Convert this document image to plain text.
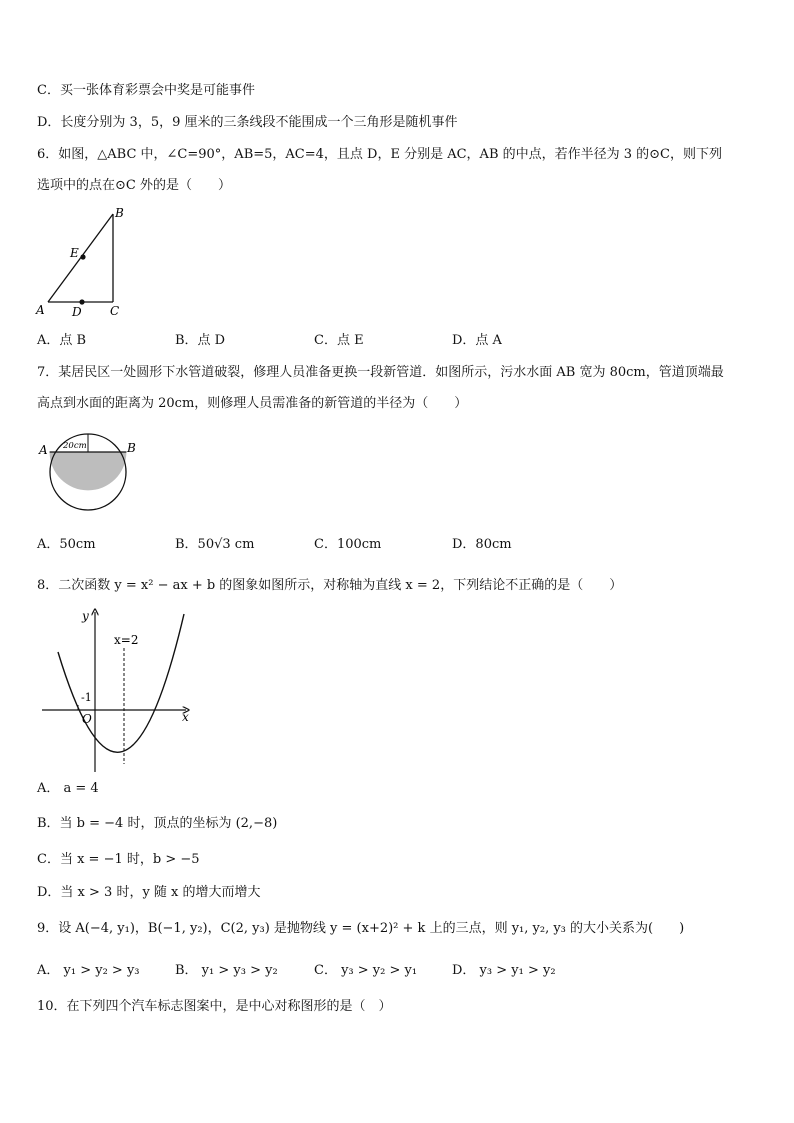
C．买一张体育彩票会中奖是可能事件
D．长度分别为 3，5，9 厘米的三条线段不能围成一个三角形是随机事件
6．如图，△ABC 中，∠C=90°，AB=5，AC=4，且点 D，E 分别是 AC，AB 的中点，若作半径为 3 的⊙C，则下列
选项中的点在⊙C 外的是（　　）
A
B
C
D
E
A．点 B	B．点 D	C．点 E	D．点 A
7．某居民区一处圆形下水管道破裂，修理人员准备更换一段新管道．如图所示，污水水面 AB 宽为 80cm，管道顶端最
高点到水面的距离为 20cm，则修理人员需准备的新管道的半径为（　　）
20cm
A	B
A．50cm	B．50√3 cm	C．100cm	D．80cm
8．二次函数 y = x² − ax + b 的图象如图所示，对称轴为直线 x = 2，下列结论不正确的是（　　）
y
x
x=2
-1
O
A． a = 4
B．当 b = −4 时，顶点的坐标为 (2,−8)
C．当 x = −1 时，b > −5
D．当 x > 3 时，y 随 x 的增大而增大
9．设 A(−4, y₁)，B(−1, y₂)，C(2, y₃) 是抛物线 y = (x+2)² + k 上的三点，则 y₁, y₂, y₃ 的大小关系为(　　)
A． y₁ > y₂ > y₃	B． y₁ > y₃ > y₂	C． y₃ > y₂ > y₁	D． y₃ > y₁ > y₂
10．在下列四个汽车标志图案中，是中心对称图形的是（　）
